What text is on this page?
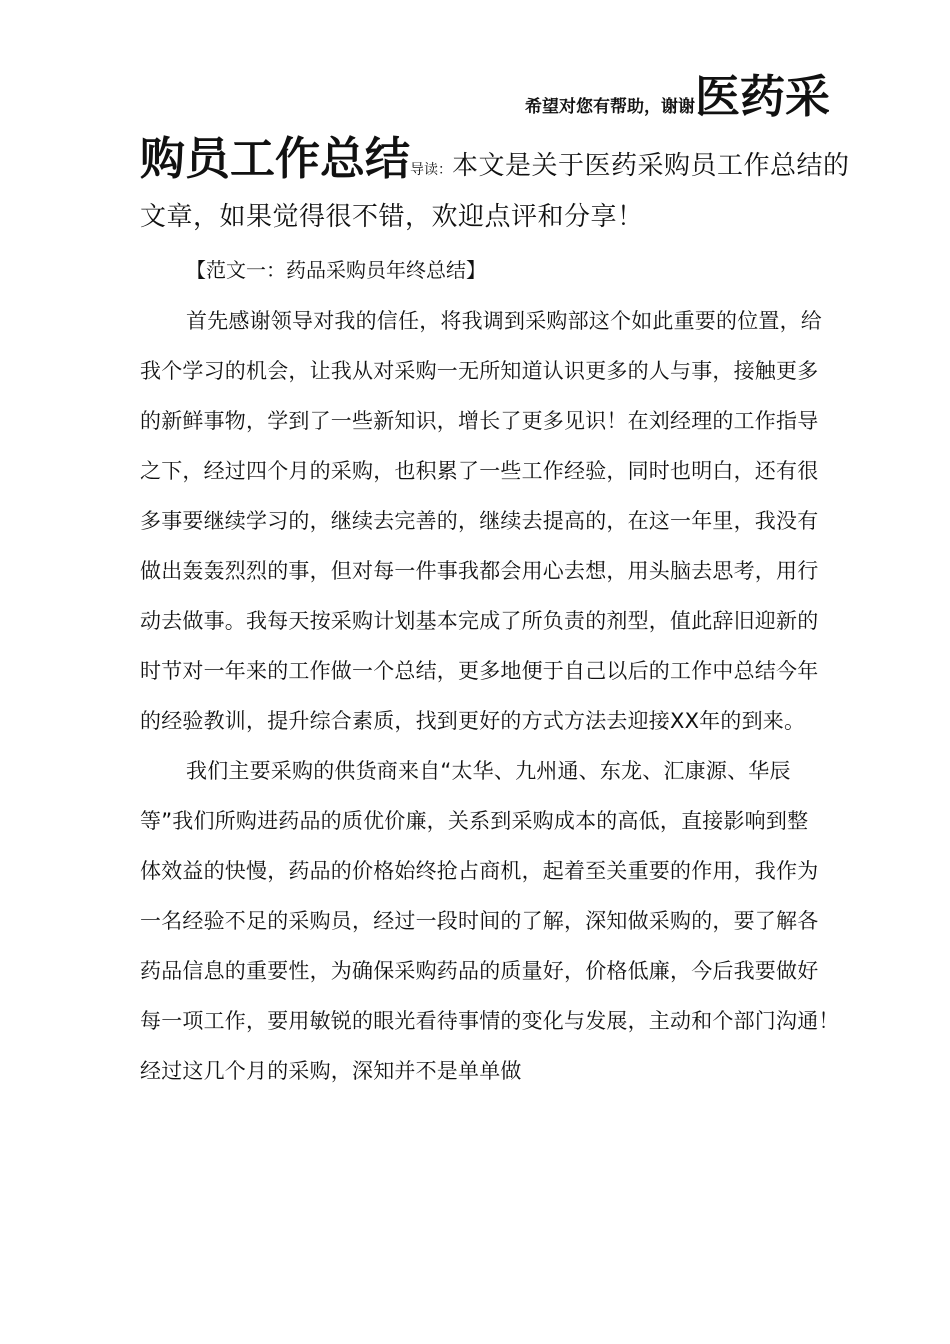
希望对您有帮助，谢谢医药采
购员工作总结导读：本文是关于医药采购员工作总结的
文章，如果觉得很不错，欢迎点评和分享！
【范文一：药品采购员年终总结】
首先感谢领导对我的信任，将我调到采购部这个如此重要的位置，给
我个学习的机会，让我从对采购一无所知道认识更多的人与事，接触更多
的新鲜事物，学到了一些新知识，增长了更多见识！在刘经理的工作指导
之下，经过四个月的采购，也积累了一些工作经验，同时也明白，还有很
多事要继续学习的，继续去完善的，继续去提高的，在这一年里，我没有
做出轰轰烈烈的事，但对每一件事我都会用心去想，用头脑去思考，用行
动去做事。我每天按采购计划基本完成了所负责的剂型，值此辞旧迎新的
时节对一年来的工作做一个总结，更多地便于自己以后的工作中总结今年
的经验教训，提升综合素质，找到更好的方式方法去迎接XX年的到来。
我们主要采购的供货商来自“太华、九州通、东龙、汇康源、华辰
等”我们所购进药品的质优价廉，关系到采购成本的高低，直接影响到整
体效益的快慢，药品的价格始终抢占商机，起着至关重要的作用，我作为
一名经验不足的采购员，经过一段时间的了解，深知做采购的，要了解各
药品信息的重要性，为确保采购药品的质量好，价格低廉，今后我要做好
每一项工作，要用敏锐的眼光看待事情的变化与发展，主动和个部门沟通！
经过这几个月的采购，深知并不是单单做
